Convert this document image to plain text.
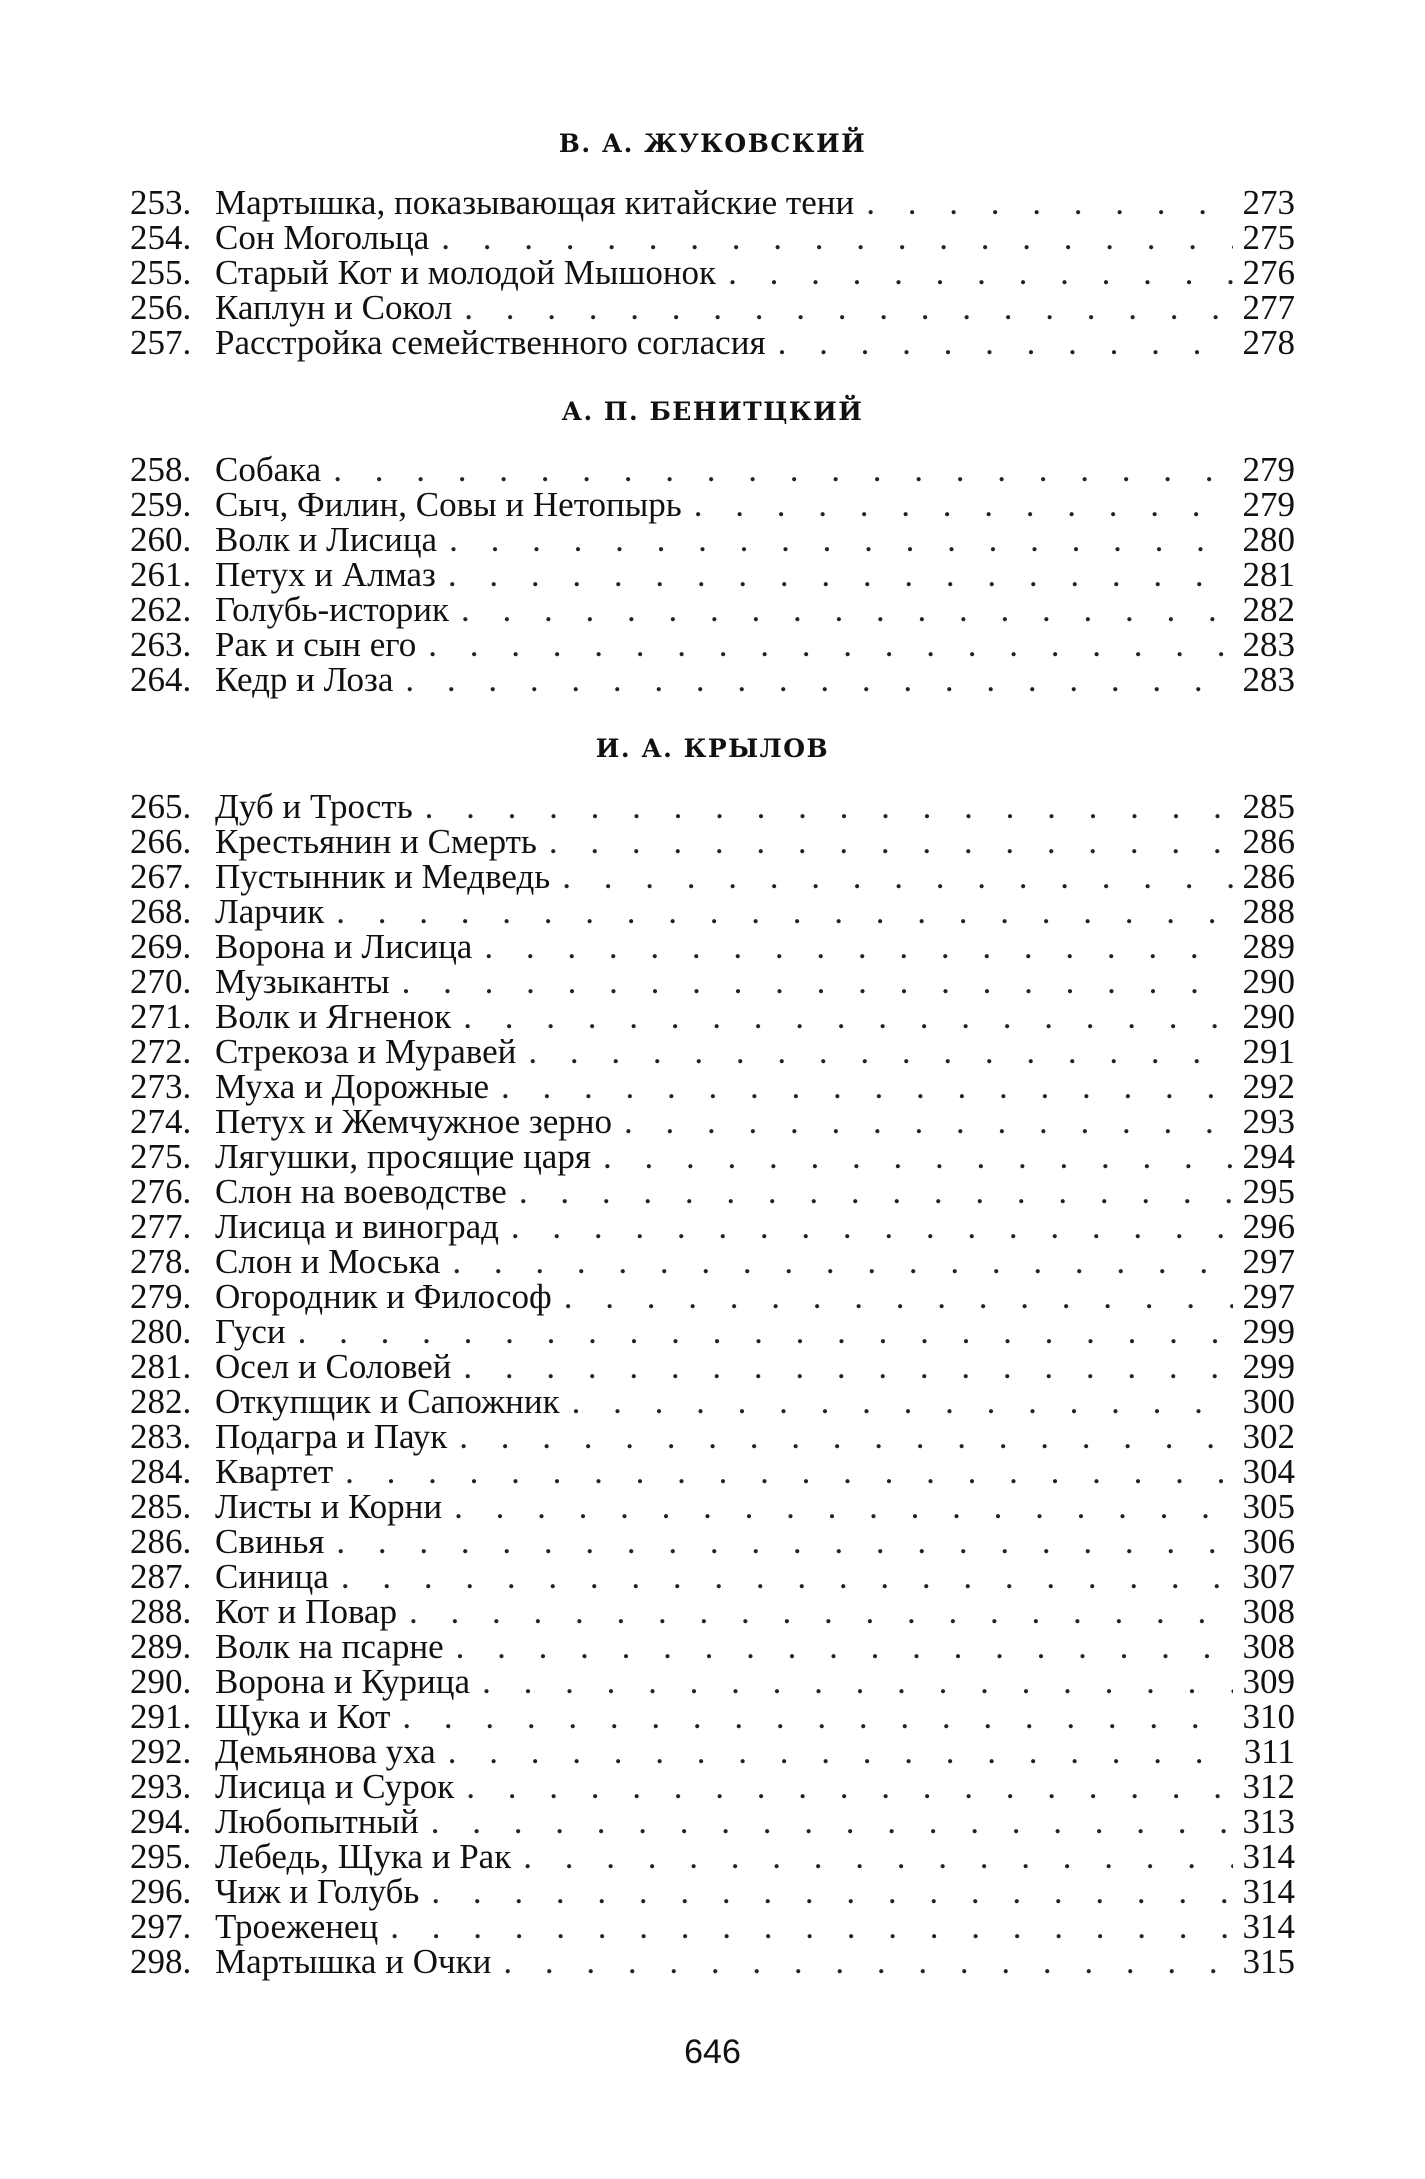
В. А. ЖУКОВСКИЙ
253. Мартышка, показывающая китайские тени . . .	273
254. Сон Могольца . . .	275
255. Старый Кот и молодой Мышонок . . .	276
256. Каплун и Сокол . . .	277
257. Расстройка семейственного согласия . . .	278
А. П. БЕНИТЦКИЙ
258. Собака . . .	279
259. Сыч, Филин, Совы и Нетопырь . . .	279
260. Волк и Лисица . . .	280
261. Петух и Алмаз . . .	281
262. Голубь-историк . . .	282
263. Рак и сын его . . .	283
264. Кедр и Лоза . . .	283
И. А. КРЫЛОВ
265. Дуб и Трость . . .	285
266. Крестьянин и Смерть . . .	286
267. Пустынник и Медведь . . .	286
268. Ларчик . . .	288
269. Ворона и Лисица . . .	289
270. Музыканты . . .	290
271. Волк и Ягненок . . .	290
272. Стрекоза и Муравей . . .	291
273. Муха и Дорожные . . .	292
274. Петух и Жемчужное зерно . . .	293
275. Лягушки, просящие царя . . .	294
276. Слон на воеводстве . . .	295
277. Лисица и виноград . . .	296
278. Слон и Моська . . .	297
279. Огородник и Философ . . .	297
280. Гуси . . .	299
281. Осел и Соловей . . .	299
282. Откупщик и Сапожник . . .	300
283. Подагра и Паук . . .	302
284. Квартет . . .	304
285. Листы и Корни . . .	305
286. Свинья . . .	306
287. Синица . . .	307
288. Кот и Повар . . .	308
289. Волк на псарне . . .	308
290. Ворона и Курица . . .	309
291. Щука и Кот . . .	310
292. Демьянова уха . . .	311
293. Лисица и Сурок . . .	312
294. Любопытный . . .	313
295. Лебедь, Щука и Рак . . .	314
296. Чиж и Голубь . . .	314
297. Троеженец . . .	314
298. Мартышка и Очки . . .	315
646
